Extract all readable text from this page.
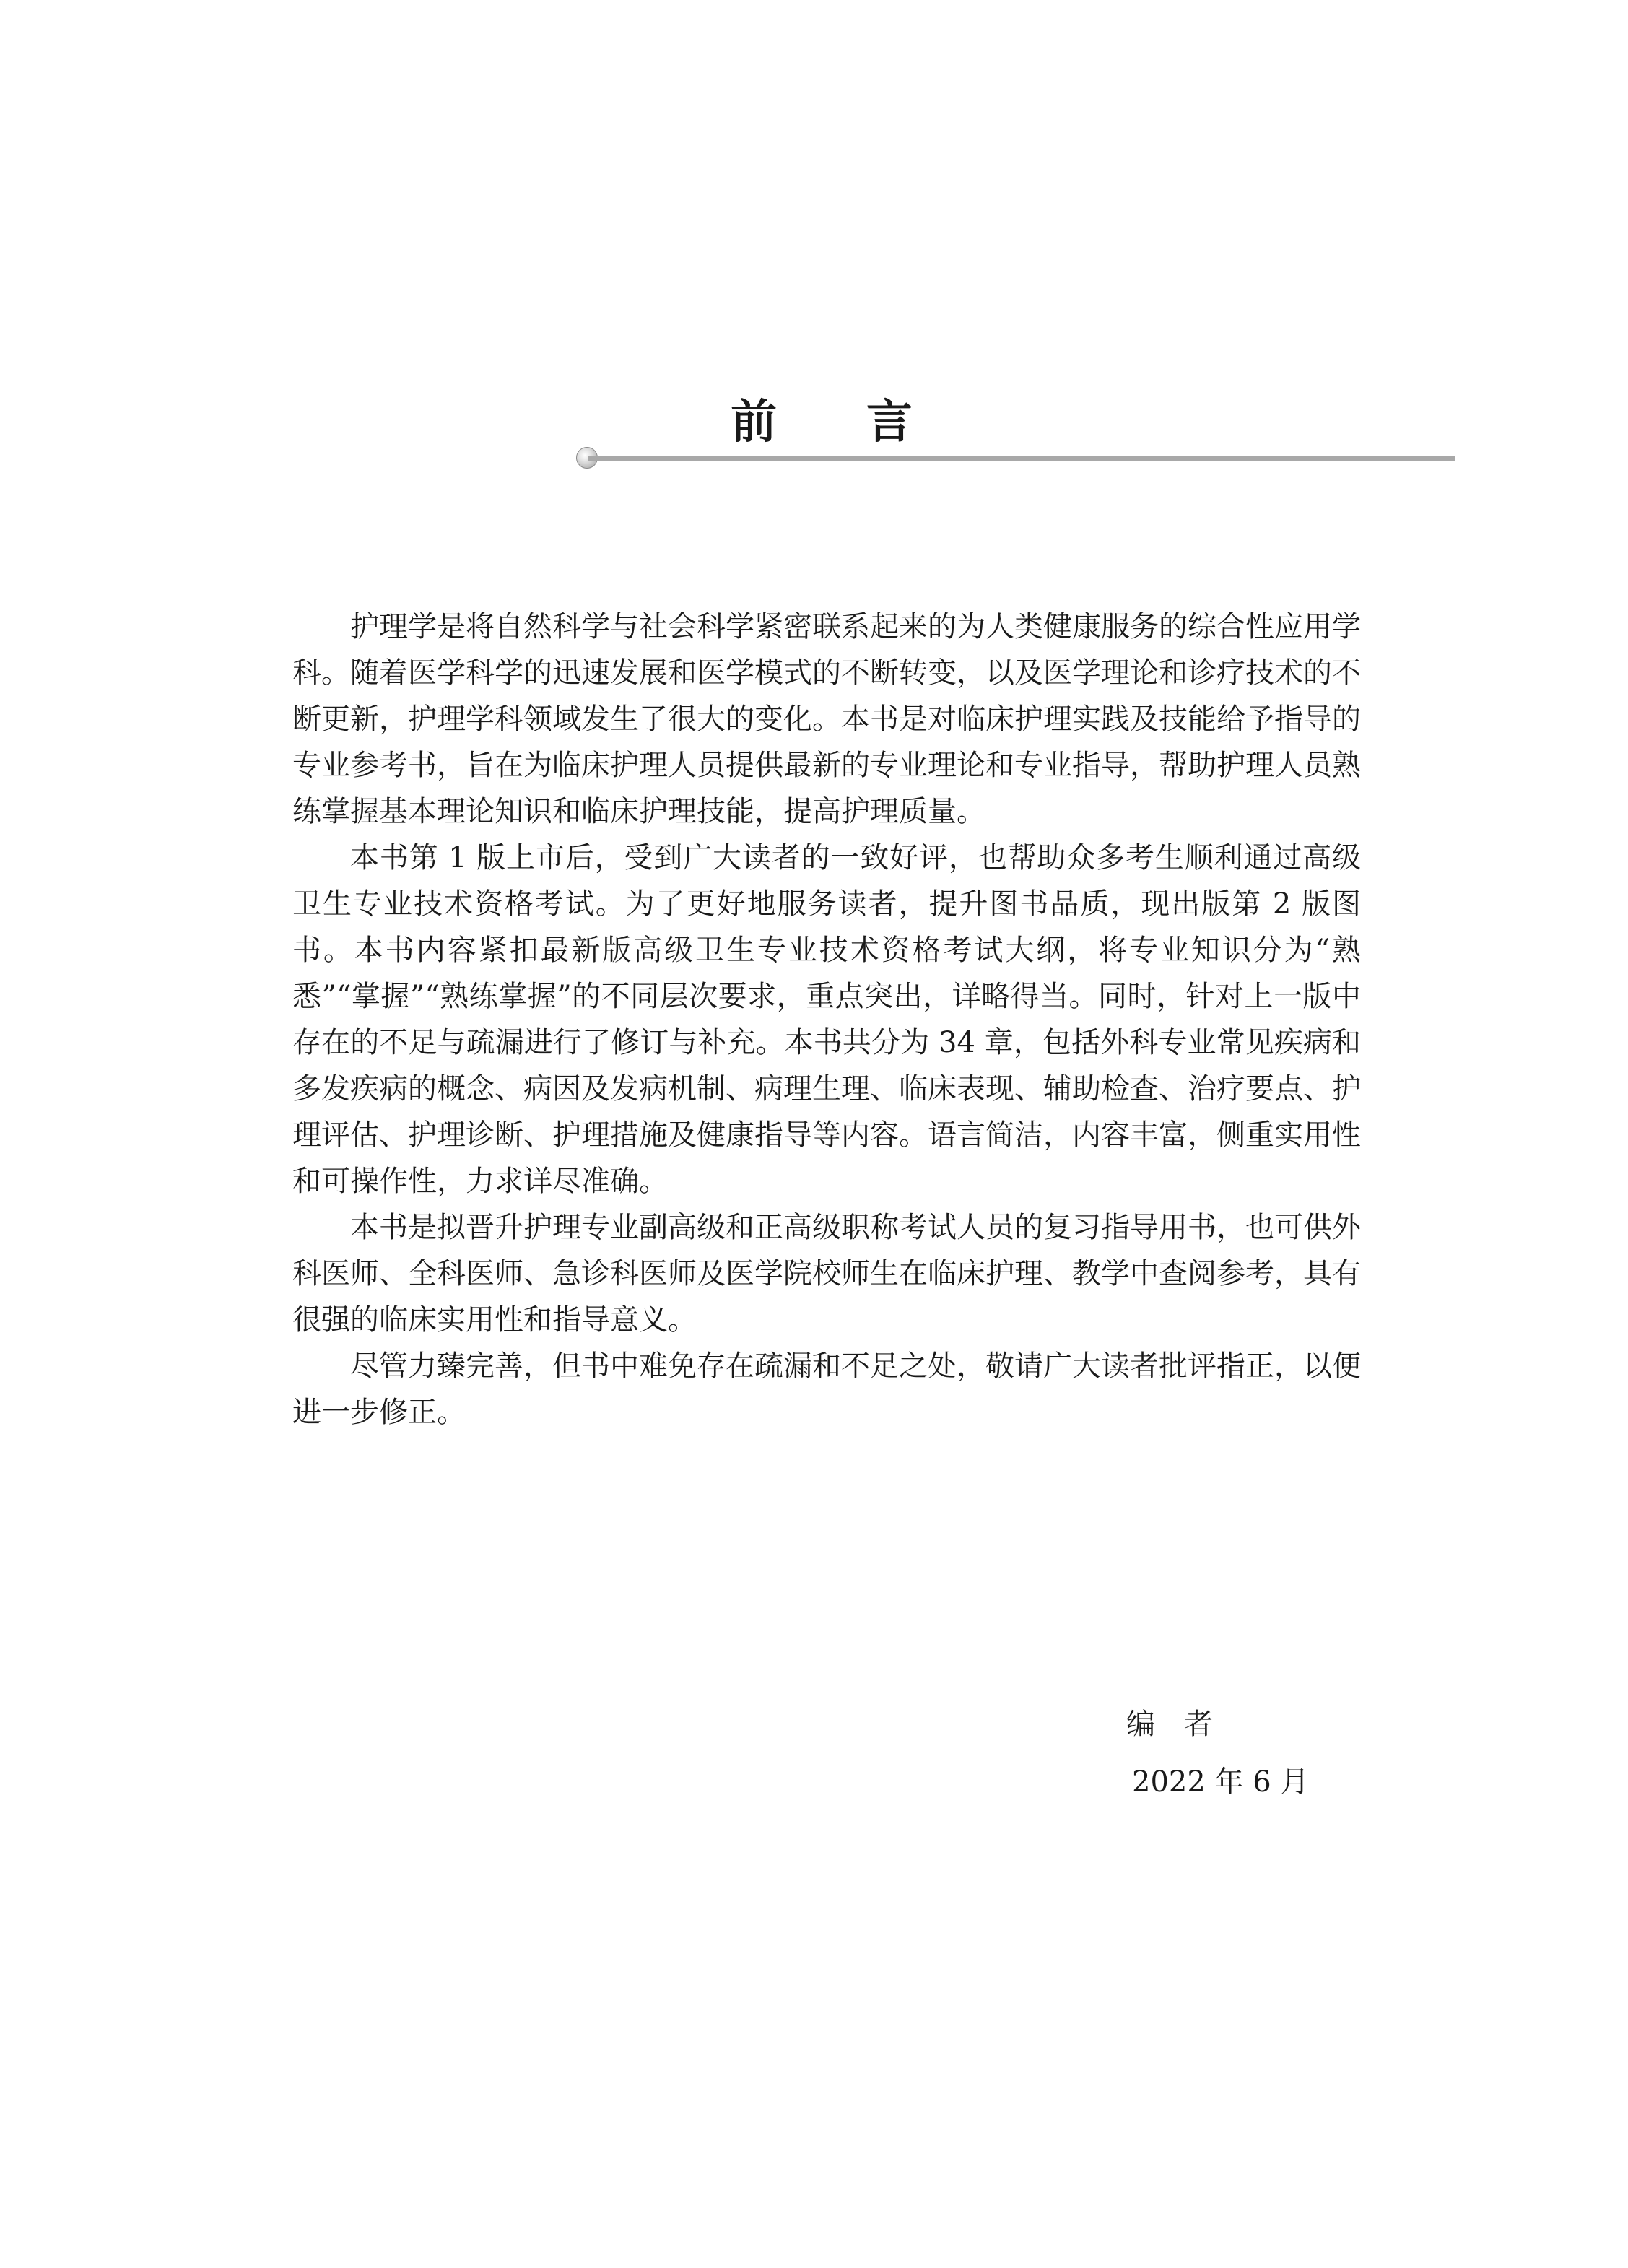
前 言

护理学是将自然科学与社会科学紧密联系起来的为人类健康服务的综合性应用学科。随着医学科学的迅速发展和医学模式的不断转变，以及医学理论和诊疗技术的不断更新，护理学科领域发生了很大的变化。本书是对临床护理实践及技能给予指导的专业参考书，旨在为临床护理人员提供最新的专业理论和专业指导，帮助护理人员熟练掌握基本理论知识和临床护理技能，提高护理质量。

本书第 1 版上市后，受到广大读者的一致好评，也帮助众多考生顺利通过高级卫生专业技术资格考试。为了更好地服务读者，提升图书品质，现出版第 2 版图书。本书内容紧扣最新版高级卫生专业技术资格考试大纲，将专业知识分为“熟悉”“掌握”“熟练掌握”的不同层次要求，重点突出，详略得当。同时，针对上一版中存在的不足与疏漏进行了修订与补充。本书共分为 34 章，包括外科专业常见疾病和多发疾病的概念、病因及发病机制、病理生理、临床表现、辅助检查、治疗要点、护理评估、护理诊断、护理措施及健康指导等内容。语言简洁，内容丰富，侧重实用性和可操作性，力求详尽准确。

本书是拟晋升护理专业副高级和正高级职称考试人员的复习指导用书，也可供外科医师、全科医师、急诊科医师及医学院校师生在临床护理、教学中查阅参考，具有很强的临床实用性和指导意义。

尽管力臻完善，但书中难免存在疏漏和不足之处，敬请广大读者批评指正，以便进一步修正。

编　者
2022 年 6 月
